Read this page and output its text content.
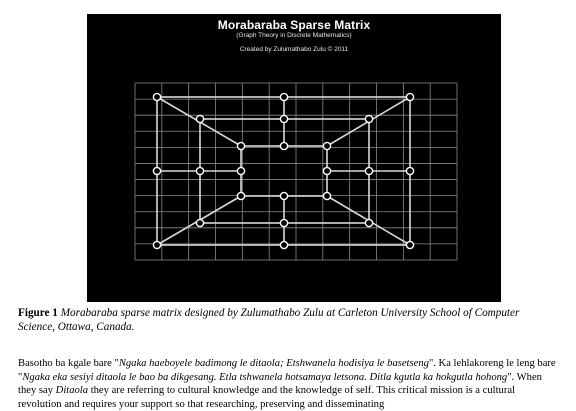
Morabaraba Sparse Matrix
(Graph Theory in Discrete Mathematics)
Created by Zulumathabo Zulu © 2011
Figure 1 Morabaraba sparse matrix designed by Zulumathabo Zulu at Carleton University School of Computer Science, Ottawa, Canada.
Basotho ba kgale bare "Ngaka haeboyele badimong le ditaola; Etshwanela hodisiya le basetseng". Ka lehlakoreng le leng bare "Ngaka eka sesiyi ditaola le bao ba dikgesang. Etla tshwanela hotsamaya letsona. Ditla kgutla ka hokgutla hohong". When they say Ditaola they are referring to cultural knowledge and the knowledge of self. This critical mission is a cultural revolution and requires your support so that researching, preserving and disseminating
